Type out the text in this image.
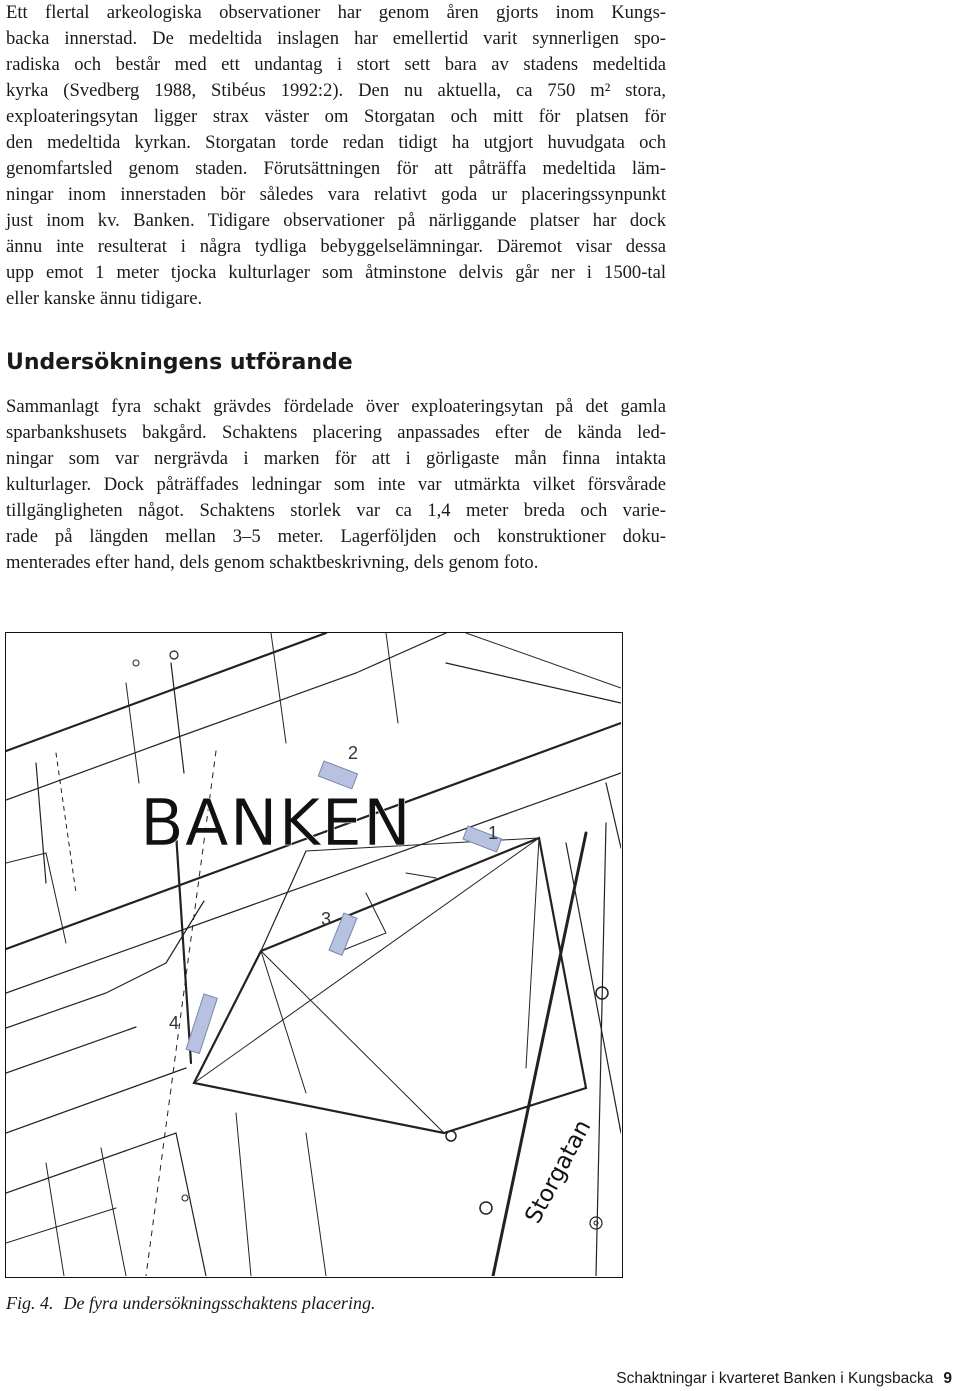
Ett flertal arkeologiska observationer har genom åren gjorts inom Kungs-
backa innerstad. De medeltida inslagen har emellertid varit synnerligen spo-
radiska och består med ett undantag i stort sett bara av stadens medeltida
kyrka (Svedberg 1988, Stibéus 1992:2). Den nu aktuella, ca 750 m² stora,
exploateringsytan ligger strax väster om Storgatan och mitt för platsen för
den medeltida kyrkan. Storgatan torde redan tidigt ha utgjort huvudgata och
genomfartsled genom staden. Förutsättningen för att påträffa medeltida läm-
ningar inom innerstaden bör således vara relativt goda ur placeringssynpunkt
just inom kv. Banken. Tidigare observationer på närliggande platser har dock
ännu inte resulterat i några tydliga bebyggelselämningar. Däremot visar dessa
upp emot 1 meter tjocka kulturlager som åtminstone delvis går ner i 1500-tal
eller kanske ännu tidigare.
Undersökningens utförande
Sammanlagt fyra schakt grävdes fördelade över exploateringsytan på det gamla
sparbankshusets bakgård. Schaktens placering anpassades efter de kända led-
ningar som var nergrävda i marken för att i görligaste mån finna intakta
kulturlager. Dock påträffades ledningar som inte var utmärkta vilket försvårade
tillgängligheten något. Schaktens storlek var ca 1,4 meter breda och varie-
rade på längden mellan 3–5 meter. Lagerföljden och konstruktioner doku-
menterades efter hand, dels genom schaktbeskrivning, dels genom foto.
2
1
3
4
BANKEN
Storgatan

Fig. 4. De fyra undersökningsschaktens placering.

Schaktningar i kvarteret Banken i Kungsbacka 9
